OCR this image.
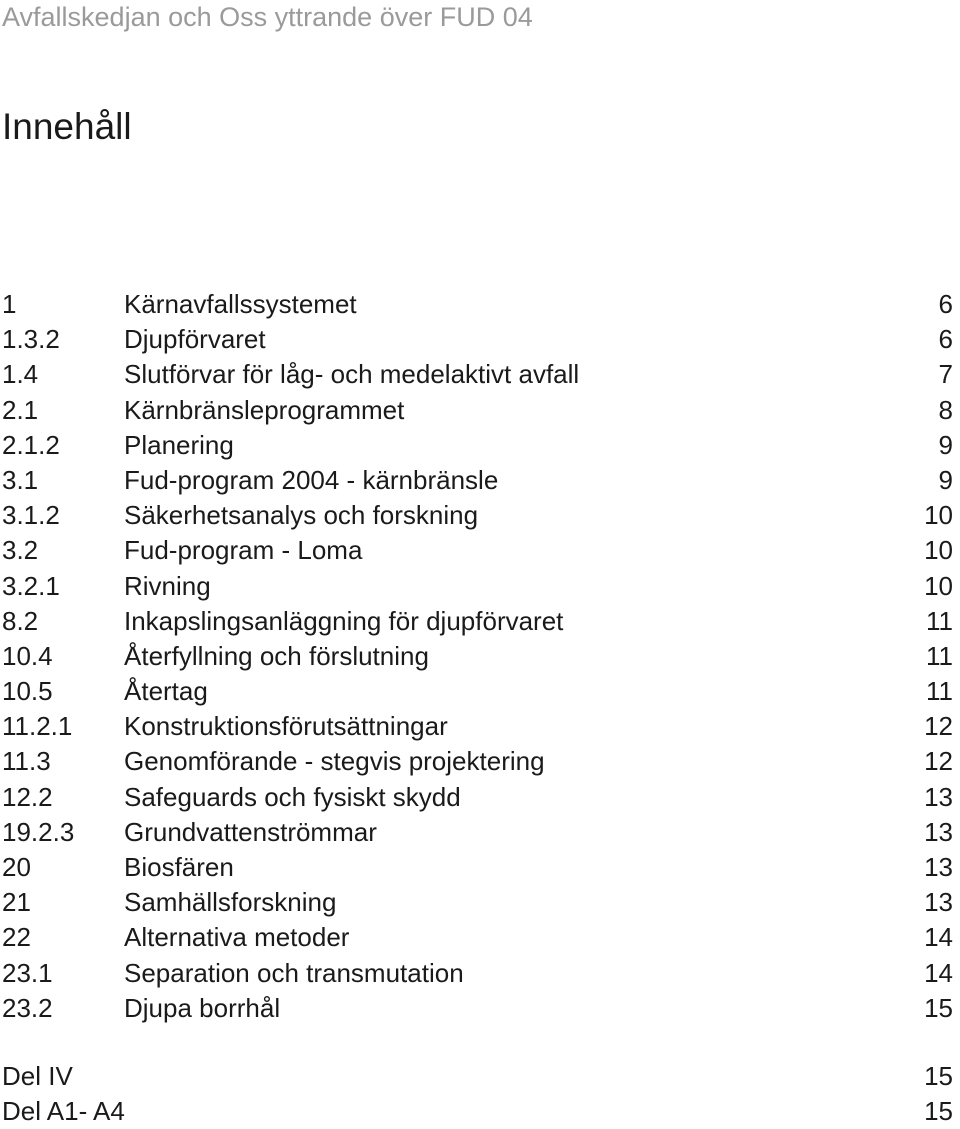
Avfallskedjan och Oss yttrande över FUD 04
Innehåll
1	Kärnavfallssystemet	6
1.3.2 Djupförvaret	6
1.4	Slutförvar för låg- och medelaktivt avfall	7
2.1	Kärnbränsleprogrammet	8
2.1.2 Planering	9
3.1	Fud-program 2004 - kärnbränsle	9
3.1.2 Säkerhetsanalys och forskning	10
3.2	Fud-program - Loma	10
3.2.1 Rivning	10
8.2	Inkapslingsanläggning för djupförvaret	11
10.4	Återfyllning och förslutning	11
10.5	Återtag	11
11.2.1 Konstruktionsförutsättningar	12
11.3	Genomförande - stegvis projektering	12
12.2	Safeguards och fysiskt skydd	13
19.2.3 Grundvattenströmmar	13
20	Biosfären	13
21	Samhällsforskning	13
22	Alternativa metoder	14
23.1	Separation och transmutation	14
23.2	Djupa borrhål	15
Del IV	15
Del A1- A4	15
